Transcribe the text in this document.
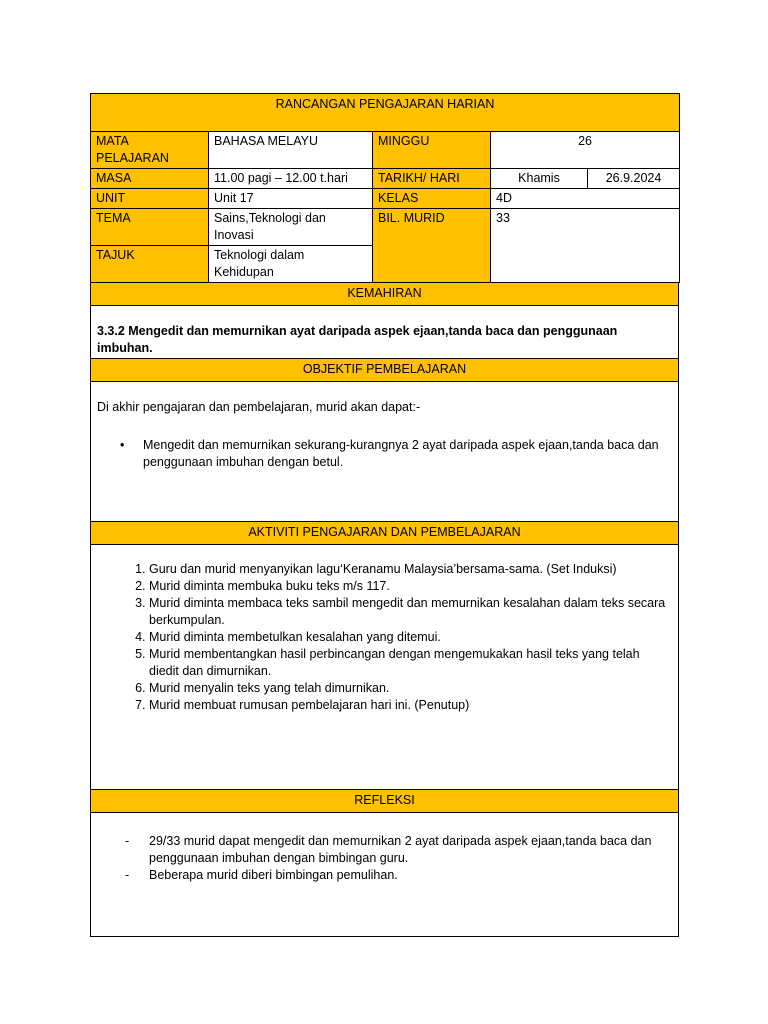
RANCANGAN PENGAJARAN HARIAN				
MATA PELAJARAN	BAHASA MELAYU	MINGGU	26	
MASA	11.00 pagi – 12.00 t.hari	TARIKH/ HARI	Khamis	26.9.2024
UNIT	Unit 17	KELAS	4D	
TEMA	Sains,Teknologi dan Inovasi	BIL. MURID	33	
TAJUK	Teknologi dalam Kehidupan			
KEMAHIRAN
3.3.2 Mengedit dan memurnikan ayat daripada aspek ejaan,tanda baca dan penggunaan imbuhan.
OBJEKTIF PEMBELAJARAN
Di akhir pengajaran dan pembelajaran, murid akan dapat:-
• Mengedit dan memurnikan sekurang-kurangnya 2 ayat daripada aspek ejaan,tanda baca dan penggunaan imbuhan dengan betul.
AKTIVITI PENGAJARAN DAN PEMBELAJARAN
1. Guru dan murid menyanyikan lagu‘Keranamu Malaysia’bersama-sama. (Set Induksi)
2. Murid diminta membuka buku teks m/s 117.
3. Murid diminta membaca teks sambil mengedit dan memurnikan kesalahan dalam teks secara berkumpulan.
4. Murid diminta membetulkan kesalahan yang ditemui.
5. Murid membentangkan hasil perbincangan dengan mengemukakan hasil teks yang telah diedit dan dimurnikan.
6. Murid menyalin teks yang telah dimurnikan.
7. Murid membuat rumusan pembelajaran hari ini. (Penutup)
REFLEKSI
- 29/33 murid dapat mengedit dan memurnikan 2 ayat daripada aspek ejaan,tanda baca dan penggunaan imbuhan dengan bimbingan guru.
- Beberapa murid diberi bimbingan pemulihan.
